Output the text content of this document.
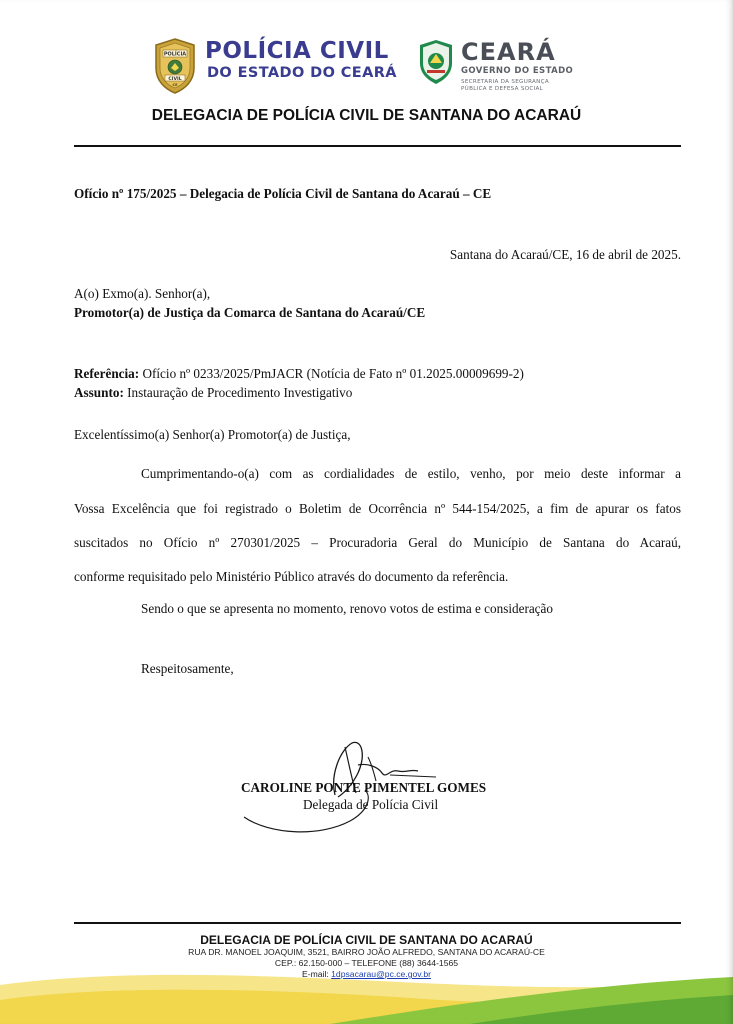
POLÍCIA
CIVIL
CE
POLÍCIA CIVIL
DO ESTADO DO CEARÁ
CEARÁ
GOVERNO DO ESTADO
SECRETARIA DA SEGURANÇA
PÚBLICA E DEFESA SOCIAL
DELEGACIA DE POLÍCIA CIVIL DE SANTANA DO ACARAÚ
Ofício nº 175/2025 – Delegacia de Polícia Civil de Santana do Acaraú – CE
Santana do Acaraú/CE, 16 de abril de 2025.
A(o) Exmo(a). Senhor(a),
Promotor(a) de Justiça da Comarca de Santana do Acaraú/CE
Referência: Ofício nº 0233/2025/PmJACR (Notícia de Fato nº 01.2025.00009699-2)
Assunto: Instauração de Procedimento Investigativo
Excelentíssimo(a) Senhor(a) Promotor(a) de Justiça,
Cumprimentando-o(a) com as cordialidades de estilo, venho, por meio deste informar a
Vossa Excelência que foi registrado o Boletim de Ocorrência nº 544-154/2025, a fim de apurar os fatos
suscitados no Ofício nº 270301/2025 – Procuradoria Geral do Município de Santana do Acaraú,
conforme requisitado pelo Ministério Público através do documento da referência.
Sendo o que se apresenta no momento, renovo votos de estima e consideração
Respeitosamente,
CAROLINE PONTE PIMENTEL GOMES
Delegada de Polícia Civil
DELEGACIA DE POLÍCIA CIVIL DE SANTANA DO ACARAÚ
RUA DR. MANOEL JOAQUIM, 3521, BAIRRO JOÃO ALFREDO, SANTANA DO ACARAÚ-CE
CEP.: 62.150-000 – TELEFONE (88) 3644-1565
E-mail: 1dpsacarau@pc.ce.gov.br
